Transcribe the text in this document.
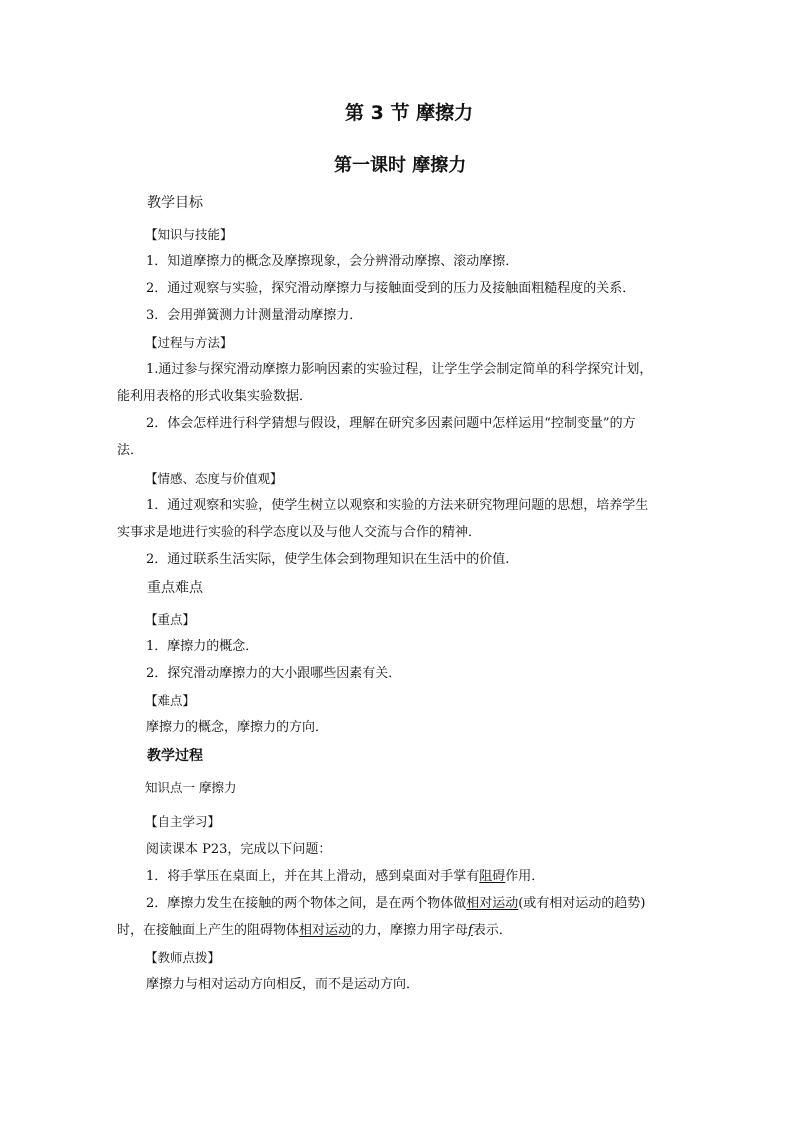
第 3 节 摩擦力
第一课时 摩擦力
教学目标
【知识与技能】
1．知道摩擦力的概念及摩擦现象，会分辨滑动摩擦、滚动摩擦．
2．通过观察与实验，探究滑动摩擦力与接触面受到的压力及接触面粗糙程度的关系．
3．会用弹簧测力计测量滑动摩擦力．
【过程与方法】
1.通过参与探究滑动摩擦力影响因素的实验过程，让学生学会制定简单的科学探究计划，
能利用表格的形式收集实验数据．
2．体会怎样进行科学猜想与假设，理解在研究多因素问题中怎样运用“控制变量”的方
法．
【情感、态度与价值观】
1．通过观察和实验，使学生树立以观察和实验的方法来研究物理问题的思想，培养学生
实事求是地进行实验的科学态度以及与他人交流与合作的精神．
2．通过联系生活实际，使学生体会到物理知识在生活中的价值.
重点难点
【重点】
1．摩擦力的概念．
2．探究滑动摩擦力的大小跟哪些因素有关．
【难点】
摩擦力的概念，摩擦力的方向．
教学过程
知识点一 摩擦力
【自主学习】
阅读课本 P23，完成以下问题：
1．将手掌压在桌面上，并在其上滑动，感到桌面对手掌有阻碍作用．
2．摩擦力发生在接触的两个物体之间，是在两个物体做相对运动(或有相对运动的趋势)
时，在接触面上产生的阻碍物体相对运动的力，摩擦力用字母f表示．
【教师点拨】
摩擦力与相对运动方向相反，而不是运动方向．
